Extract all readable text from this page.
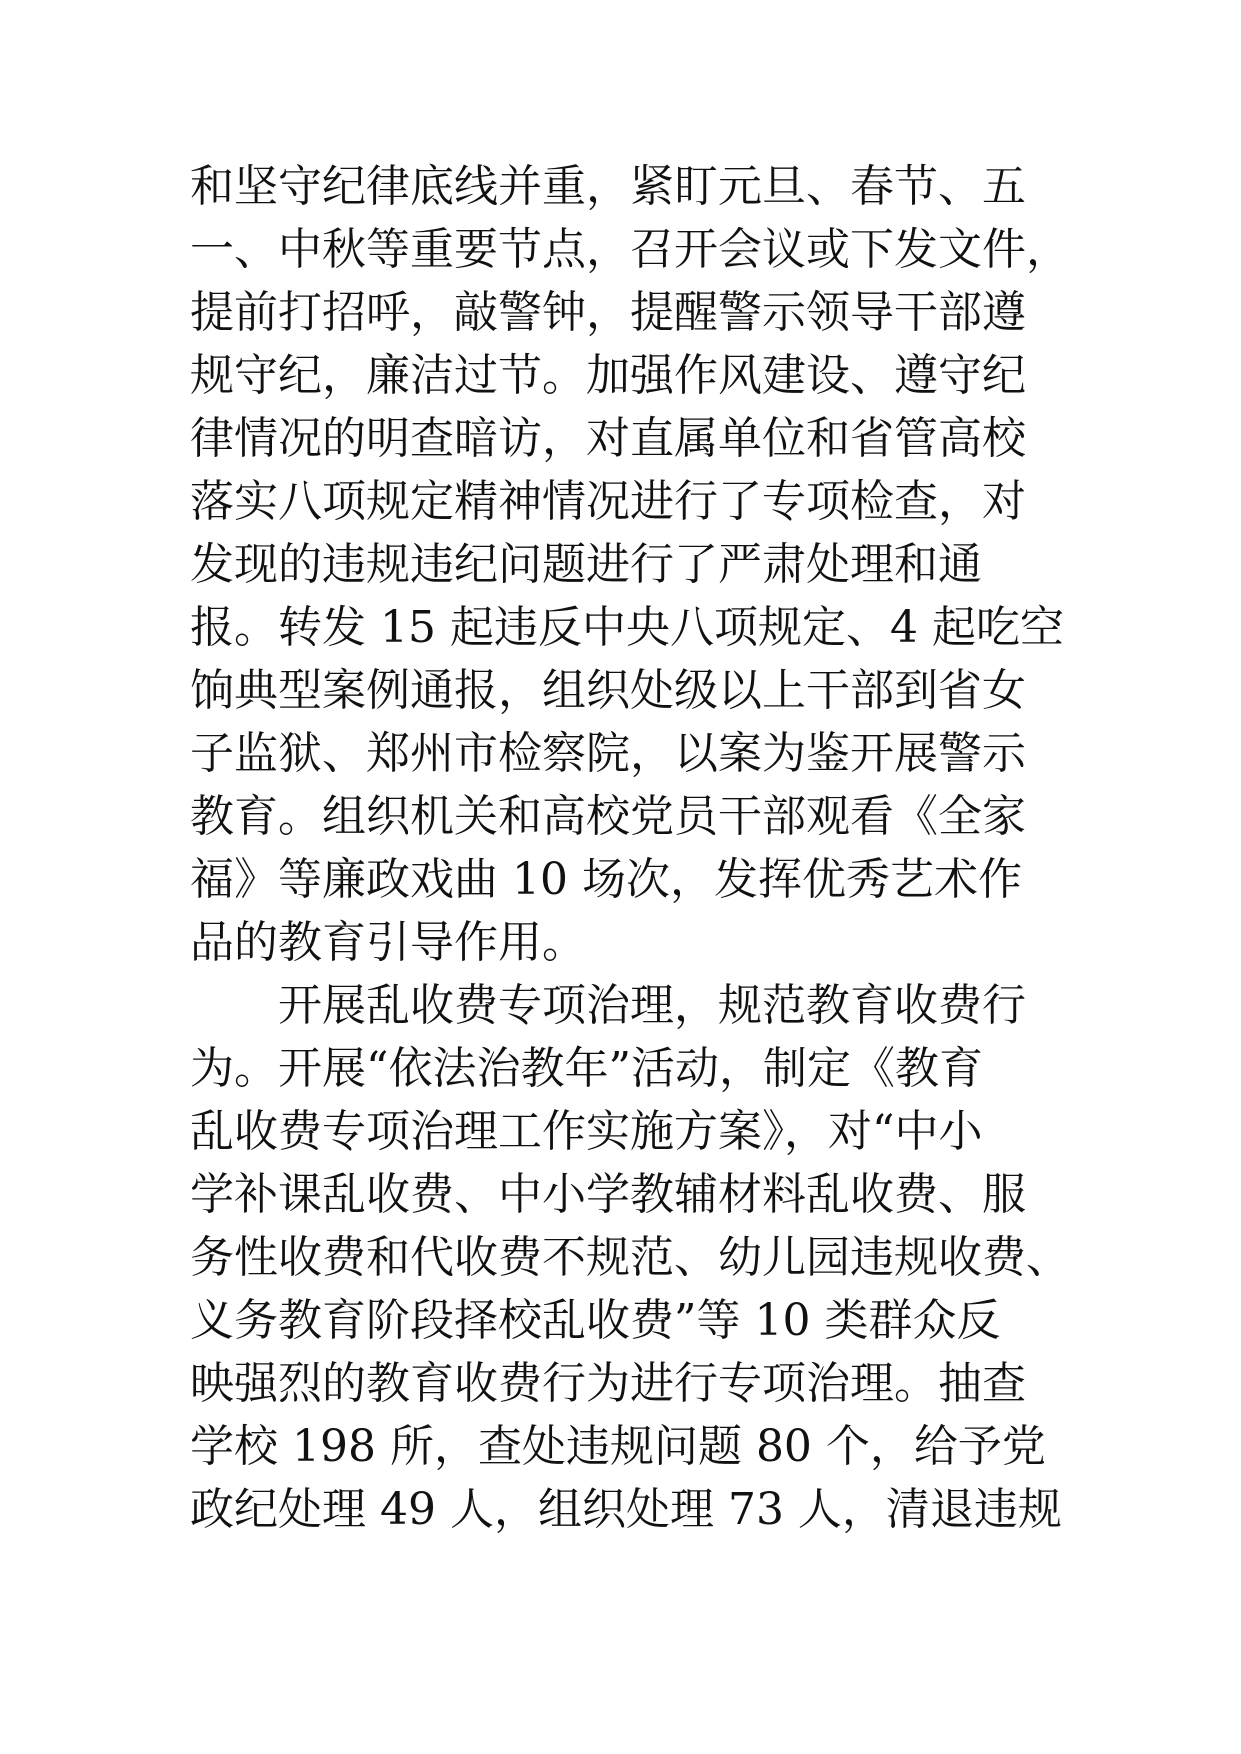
和坚守纪律底线并重，紧盯元旦、春节、五
一、中秋等重要节点，召开会议或下发文件，
提前打招呼，敲警钟，提醒警示领导干部遵
规守纪，廉洁过节。加强作风建设、遵守纪
律情况的明查暗访，对直属单位和省管高校
落实八项规定精神情况进行了专项检查，对
发现的违规违纪问题进行了严肃处理和通
报。转发 15 起违反中央八项规定、4 起吃空
饷典型案例通报，组织处级以上干部到省女
子监狱、郑州市检察院，以案为鉴开展警示
教育。组织机关和高校党员干部观看《全家
福》等廉政戏曲 10 场次，发挥优秀艺术作
品的教育引导作用。
开展乱收费专项治理，规范教育收费行
为。开展“依法治教年”活动，制定《教育
乱收费专项治理工作实施方案》，对“中小
学补课乱收费、中小学教辅材料乱收费、服
务性收费和代收费不规范、幼儿园违规收费、
义务教育阶段择校乱收费”等 10 类群众反
映强烈的教育收费行为进行专项治理。抽查
学校 198 所，查处违规问题 80 个，给予党
政纪处理 49 人，组织处理 73 人，清退违规
